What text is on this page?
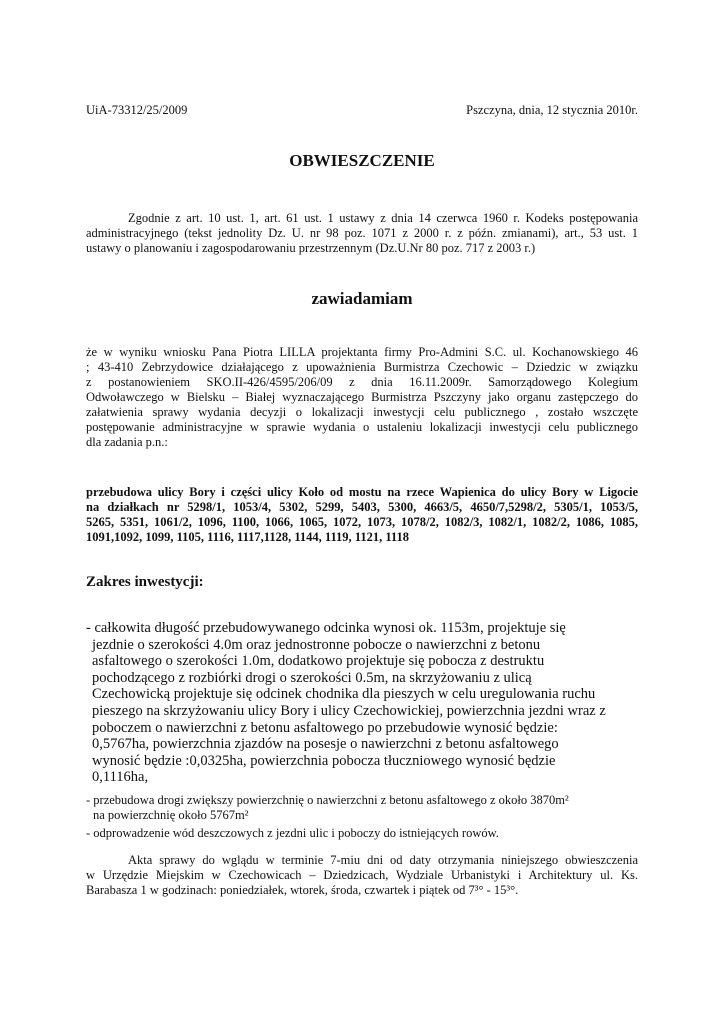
UiA-73312/25/2009	Pszczyna, dnia, 12 stycznia 2010r.
OBWIESZCZENIE
Zgodnie z art. 10 ust. 1, art. 61 ust. 1 ustawy z dnia 14 czerwca 1960 r. Kodeks postępowania
administracyjnego (tekst jednolity Dz. U. nr 98 poz. 1071 z 2000 r. z późn. zmianami), art., 53 ust. 1
ustawy o planowaniu i zagospodarowaniu przestrzennym (Dz.U.Nr 80 poz. 717 z 2003 r.)
zawiadamiam
że w wyniku wniosku Pana Piotra LILLA projektanta firmy Pro-Admini S.C. ul. Kochanowskiego 46
; 43-410 Zebrzydowice działającego z upoważnienia Burmistrza Czechowic – Dziedzic w związku
z postanowieniem SKO.II-426/4595/206/09 z dnia 16.11.2009r. Samorządowego Kolegium
Odwoławczego w Bielsku – Białej wyznaczającego Burmistrza Pszczyny jako organu zastępczego do
załatwienia sprawy wydania decyzji o lokalizacji inwestycji celu publicznego , zostało wszczęte
postępowanie administracyjne w sprawie wydania o ustaleniu lokalizacji inwestycji celu publicznego
dla zadania p.n.:
przebudowa ulicy Bory i części ulicy Koło od mostu na rzece Wapienica do ulicy Bory w Ligocie
na działkach nr 5298/1, 1053/4, 5302, 5299, 5403, 5300, 4663/5, 4650/7,5298/2, 5305/1, 1053/5,
5265, 5351, 1061/2, 1096, 1100, 1066, 1065, 1072, 1073, 1078/2, 1082/3, 1082/1, 1082/2, 1086, 1085,
1091,1092, 1099, 1105, 1116, 1117,1128, 1144, 1119, 1121, 1118
Zakres inwestycji:
- całkowita długość przebudowywanego odcinka wynosi ok. 1153m, projektuje się
jezdnie o szerokości 4.0m oraz jednostronne pobocze o nawierzchni z betonu
asfaltowego o szerokości 1.0m, dodatkowo projektuje się pobocza z destruktu
pochodzącego z rozbiórki drogi o szerokości 0.5m, na skrzyżowaniu z ulicą
Czechowicką projektuje się odcinek chodnika dla pieszych w celu uregulowania ruchu
pieszego na skrzyżowaniu ulicy Bory i ulicy Czechowickiej, powierzchnia jezdni wraz z
poboczem o nawierzchni z betonu asfaltowego po przebudowie wynosić będzie:
0,5767ha, powierzchnia zjazdów na posesje o nawierzchni z betonu asfaltowego
wynosić będzie :0,0325ha, powierzchnia pobocza tłuczniowego wynosić będzie
0,1116ha,
- przebudowa drogi zwiększy powierzchnię o nawierzchni z betonu asfaltowego z około 3870m²
na powierzchnię około 5767m²
- odprowadzenie wód deszczowych z jezdni ulic i poboczy do istniejących rowów.
Akta sprawy do wglądu w terminie 7-miu dni od daty otrzymania niniejszego obwieszczenia
w Urzędzie Miejskim w Czechowicach – Dziedzicach, Wydziale Urbanistyki i Architektury ul. Ks.
Barabasza 1 w godzinach: poniedziałek, wtorek, środa, czwartek i piątek od 7³° - 15³°.
